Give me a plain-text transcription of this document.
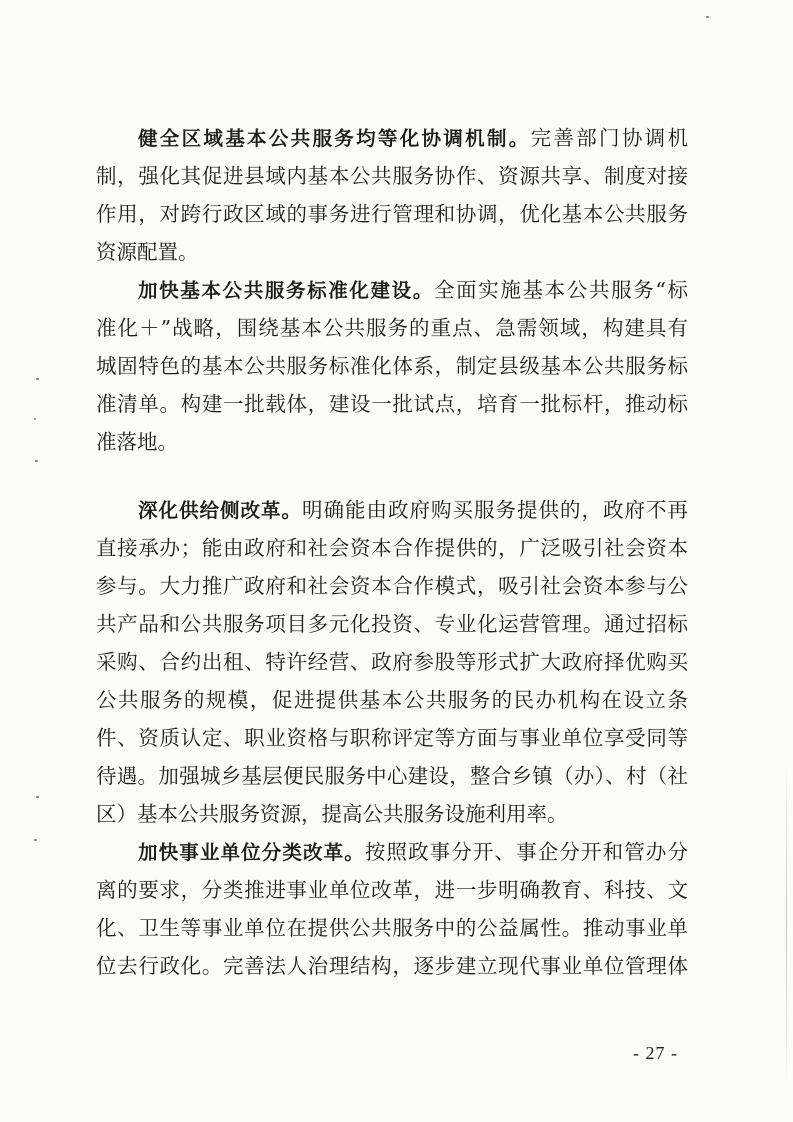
健全区域基本公共服务均等化协调机制。完善部门协调机
制，强化其促进县域内基本公共服务协作、资源共享、制度对接
作用，对跨行政区域的事务进行管理和协调，优化基本公共服务
资源配置。
加快基本公共服务标准化建设。全面实施基本公共服务“标
准化＋”战略，围绕基本公共服务的重点、急需领域，构建具有
城固特色的基本公共服务标准化体系，制定县级基本公共服务标
准清单。构建一批载体，建设一批试点，培育一批标杆，推动标
准落地。
深化供给侧改革。明确能由政府购买服务提供的，政府不再
直接承办；能由政府和社会资本合作提供的，广泛吸引社会资本
参与。大力推广政府和社会资本合作模式，吸引社会资本参与公
共产品和公共服务项目多元化投资、专业化运营管理。通过招标
采购、合约出租、特许经营、政府参股等形式扩大政府择优购买
公共服务的规模，促进提供基本公共服务的民办机构在设立条
件、资质认定、职业资格与职称评定等方面与事业单位享受同等
待遇。加强城乡基层便民服务中心建设，整合乡镇（办）、村（社
区）基本公共服务资源，提高公共服务设施利用率。
加快事业单位分类改革。按照政事分开、事企分开和管办分
离的要求，分类推进事业单位改革，进一步明确教育、科技、文
化、卫生等事业单位在提供公共服务中的公益属性。推动事业单
位去行政化。完善法人治理结构，逐步建立现代事业单位管理体
- 27 -
